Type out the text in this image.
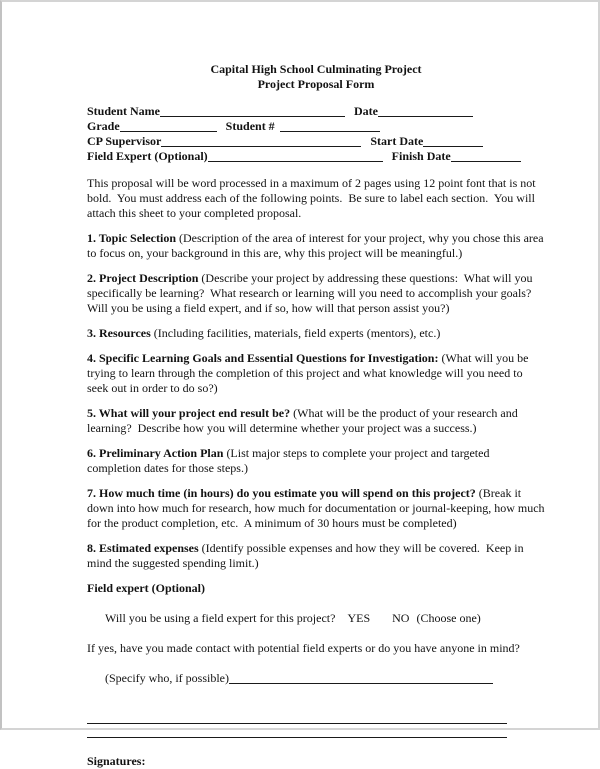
Capital High School Culminating Project
Project Proposal Form
Student Name	Date
Grade	Student #
CP Supervisor	Start Date
Field Expert (Optional)	Finish Date

This proposal will be word processed in a maximum of 2 pages using 12 point font that is not bold.  You must address each of the following points.  Be sure to label each section.  You will attach this sheet to your completed proposal.

1. Topic Selection (Description of the area of interest for your project, why you chose this area to focus on, your background in this are, why this project will be meaningful.)

2. Project Description (Describe your project by addressing these questions:  What will you specifically be learning?  What research or learning will you need to accomplish your goals? Will you be using a field expert, and if so, how will that person assist you?)

3. Resources (Including facilities, materials, field experts (mentors), etc.)

4. Specific Learning Goals and Essential Questions for Investigation: (What will you be trying to learn through the completion of this project and what knowledge will you need to seek out in order to do so?)

5. What will your project end result be? (What will be the product of your research and learning?  Describe how you will determine whether your project was a success.)

6. Preliminary Action Plan (List major steps to complete your project and targeted completion dates for those steps.)

7. How much time (in hours) do you estimate you will spend on this project? (Break it down into how much for research, how much for documentation or journal-keeping, how much for the product completion, etc.  A minimum of 30 hours must be completed)

8. Estimated expenses (Identify possible expenses and how they will be covered.  Keep in mind the suggested spending limit.)

Field expert (Optional)

Will you be using a field expert for this project? YES NO (Choose one)

If yes, have you made contact with potential field experts or do you have anyone in mind?

(Specify who, if possible)

Signatures:
